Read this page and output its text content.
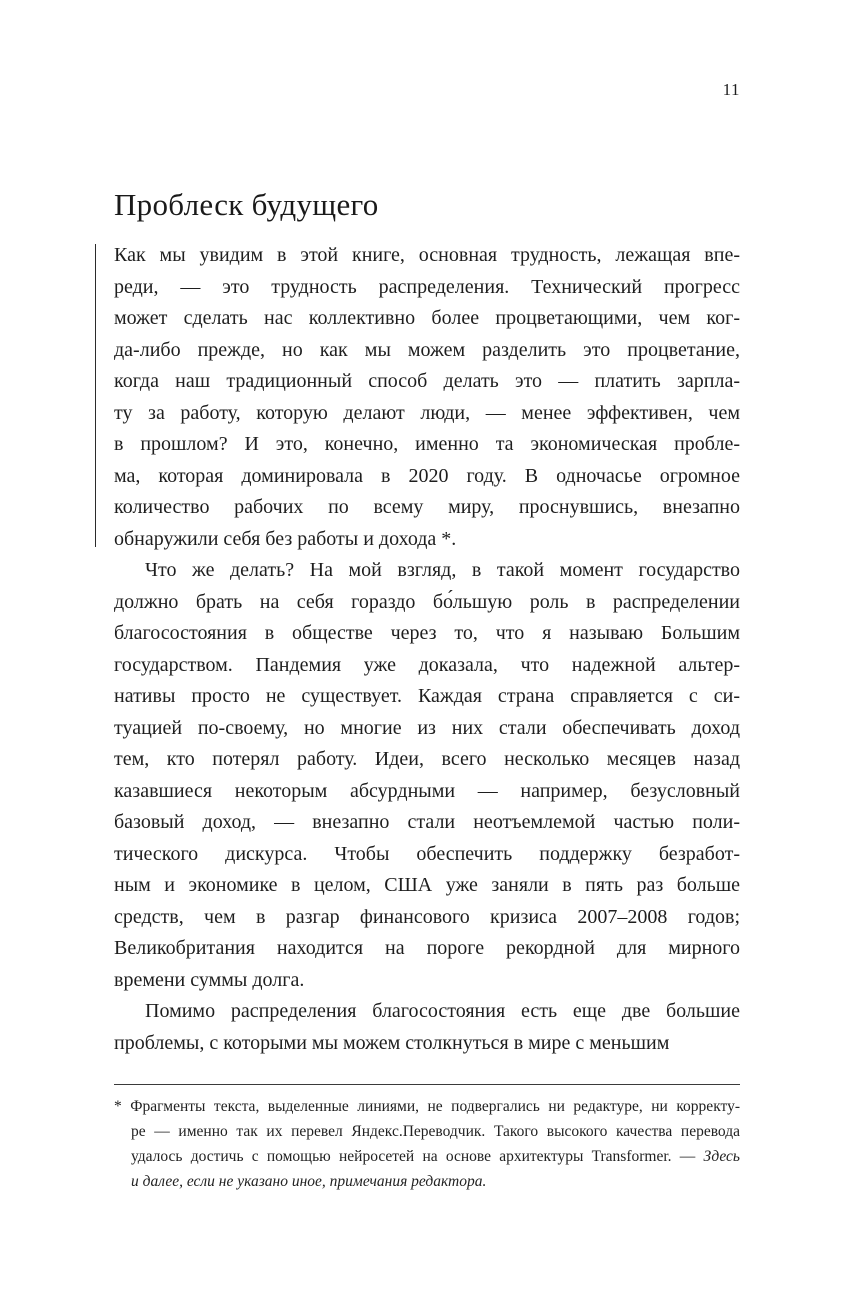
11
Проблеск будущего
Как мы увидим в этой книге, основная трудность, лежащая впе-
реди, — это трудность распределения. Технический прогресс
может сделать нас коллективно более процветающими, чем ког-
да-либо прежде, но как мы можем разделить это процветание,
когда наш традиционный способ делать это — платить зарпла-
ту за работу, которую делают люди, — менее эффективен, чем
в прошлом? И это, конечно, именно та экономическая пробле-
ма, которая доминировала в 2020 году. В одночасье огромное
количество рабочих по всему миру, проснувшись, внезапно
обнаружили себя без работы и дохода *.
Что же делать? На мой взгляд, в такой момент государство
должно брать на себя гораздо бо́льшую роль в распределении
благосостояния в обществе через то, что я называю Большим
государством. Пандемия уже доказала, что надежной альтер-
нативы просто не существует. Каждая страна справляется с си-
туацией по-своему, но многие из них стали обеспечивать доход
тем, кто потерял работу. Идеи, всего несколько месяцев назад
казавшиеся некоторым абсурдными — например, безусловный
базовый доход, — внезапно стали неотъемлемой частью поли-
тического дискурса. Чтобы обеспечить поддержку безработ-
ным и экономике в целом, США уже заняли в пять раз больше
средств, чем в разгар финансового кризиса 2007–2008 годов;
Великобритания находится на пороге рекордной для мирного
времени суммы долга.
Помимо распределения благосостояния есть еще две большие
проблемы, с которыми мы можем столкнуться в мире с меньшим
* Фрагменты текста, выделенные линиями, не подвергались ни редактуре, ни корректу-
ре — именно так их перевел Яндекс.Переводчик. Такого высокого качества перевода
удалось достичь с помощью нейросетей на основе архитектуры Transformer. — Здесь
и далее, если не указано иное, примечания редактора.
